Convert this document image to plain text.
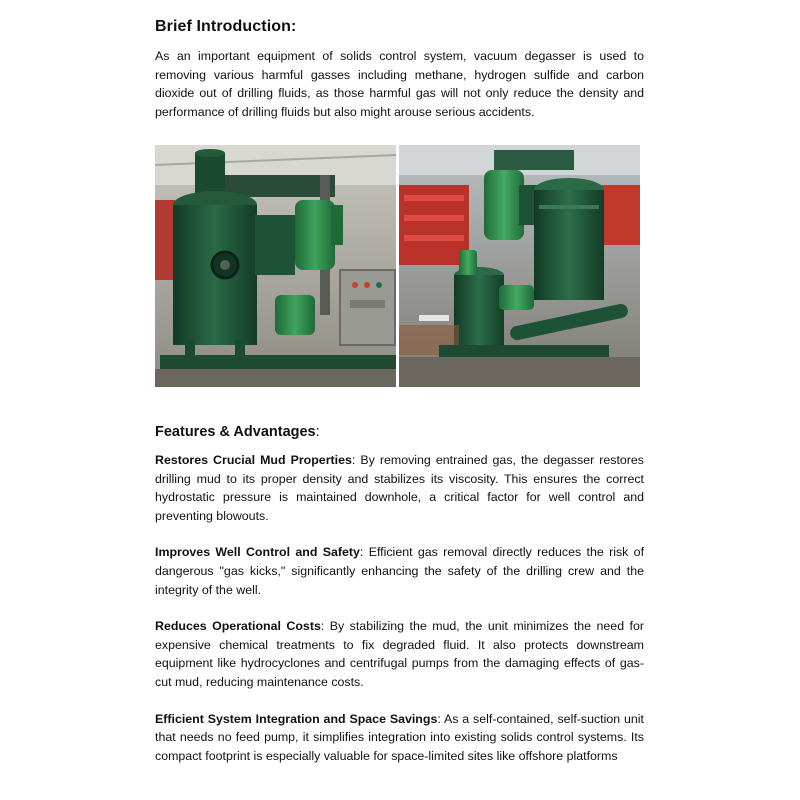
Brief Introduction:

As an important equipment of solids control system, vacuum degasser is used to removing various harmful gasses including methane, hydrogen sulfide and carbon dioxide out of drilling fluids, as those harmful gas will not only reduce the density and performance of drilling fluids but also might arouse serious accidents.

Features & Advantages:

Restores Crucial Mud Properties: By removing entrained gas, the degasser restores drilling mud to its proper density and stabilizes its viscosity. This ensures the correct hydrostatic pressure is maintained downhole, a critical factor for well control and preventing blowouts.

Improves Well Control and Safety: Efficient gas removal directly reduces the risk of dangerous "gas kicks," significantly enhancing the safety of the drilling crew and the integrity of the well.

Reduces Operational Costs: By stabilizing the mud, the unit minimizes the need for expensive chemical treatments to fix degraded fluid. It also protects downstream equipment like hydrocyclones and centrifugal pumps from the damaging effects of gas-cut mud, reducing maintenance costs.

Efficient System Integration and Space Savings: As a self-contained, self-suction unit that needs no feed pump, it simplifies integration into existing solids control systems. Its compact footprint is especially valuable for space-limited sites like offshore platforms
